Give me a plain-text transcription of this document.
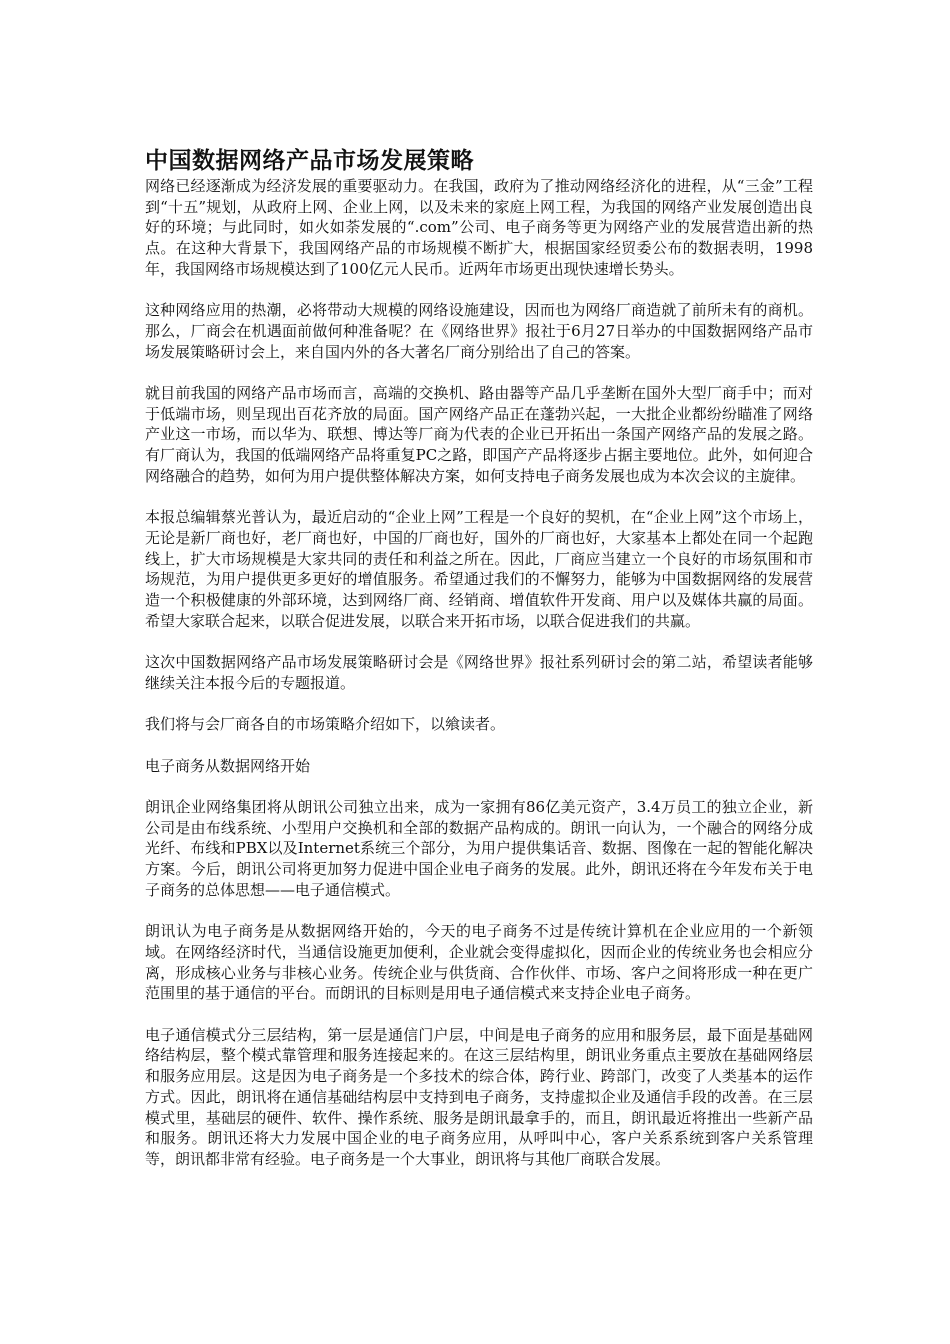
中国数据网络产品市场发展策略

网络已经逐渐成为经济发展的重要驱动力。在我国，政府为了推动网络经济化的进程，从“三金”工程到“十五”规划，从政府上网、企业上网，以及未来的家庭上网工程，为我国的网络产业发展创造出良好的环境；与此同时，如火如荼发展的“.com”公司、电子商务等更为网络产业的发展营造出新的热点。在这种大背景下，我国网络产品的市场规模不断扩大，根据国家经贸委公布的数据表明，1998年，我国网络市场规模达到了100亿元人民币。近两年市场更出现快速增长势头。

这种网络应用的热潮，必将带动大规模的网络设施建设，因而也为网络厂商造就了前所未有的商机。那么，厂商会在机遇面前做何种准备呢？在《网络世界》报社于6月27日举办的中国数据网络产品市场发展策略研讨会上，来自国内外的各大著名厂商分别给出了自己的答案。

就目前我国的网络产品市场而言，高端的交换机、路由器等产品几乎垄断在国外大型厂商手中；而对于低端市场，则呈现出百花齐放的局面。国产网络产品正在蓬勃兴起，一大批企业都纷纷瞄准了网络产业这一市场，而以华为、联想、博达等厂商为代表的企业已开拓出一条国产网络产品的发展之路。有厂商认为，我国的低端网络产品将重复PC之路，即国产产品将逐步占据主要地位。此外，如何迎合网络融合的趋势，如何为用户提供整体解决方案，如何支持电子商务发展也成为本次会议的主旋律。

本报总编辑蔡光普认为，最近启动的“企业上网”工程是一个良好的契机，在“企业上网”这个市场上，无论是新厂商也好，老厂商也好，中国的厂商也好，国外的厂商也好，大家基本上都处在同一个起跑线上，扩大市场规模是大家共同的责任和利益之所在。因此，厂商应当建立一个良好的市场氛围和市场规范，为用户提供更多更好的增值服务。希望通过我们的不懈努力，能够为中国数据网络的发展营造一个积极健康的外部环境，达到网络厂商、经销商、增值软件开发商、用户以及媒体共赢的局面。希望大家联合起来，以联合促进发展，以联合来开拓市场，以联合促进我们的共赢。

这次中国数据网络产品市场发展策略研讨会是《网络世界》报社系列研讨会的第二站，希望读者能够继续关注本报今后的专题报道。

我们将与会厂商各自的市场策略介绍如下，以飨读者。

电子商务从数据网络开始

朗讯企业网络集团将从朗讯公司独立出来，成为一家拥有86亿美元资产，3.4万员工的独立企业，新公司是由布线系统、小型用户交换机和全部的数据产品构成的。朗讯一向认为，一个融合的网络分成光纤、布线和PBX以及Internet系统三个部分，为用户提供集话音、数据、图像在一起的智能化解决方案。今后，朗讯公司将更加努力促进中国企业电子商务的发展。此外，朗讯还将在今年发布关于电子商务的总体思想——电子通信模式。

朗讯认为电子商务是从数据网络开始的，今天的电子商务不过是传统计算机在企业应用的一个新领域。在网络经济时代，当通信设施更加便利，企业就会变得虚拟化，因而企业的传统业务也会相应分离，形成核心业务与非核心业务。传统企业与供货商、合作伙伴、市场、客户之间将形成一种在更广范围里的基于通信的平台。而朗讯的目标则是用电子通信模式来支持企业电子商务。

电子通信模式分三层结构，第一层是通信门户层，中间是电子商务的应用和服务层，最下面是基础网络结构层，整个模式靠管理和服务连接起来的。在这三层结构里，朗讯业务重点主要放在基础网络层和服务应用层。这是因为电子商务是一个多技术的综合体，跨行业、跨部门，改变了人类基本的运作方式。因此，朗讯将在通信基础结构层中支持到电子商务，支持虚拟企业及通信手段的改善。在三层模式里，基础层的硬件、软件、操作系统、服务是朗讯最拿手的，而且，朗讯最近将推出一些新产品和服务。朗讯还将大力发展中国企业的电子商务应用，从呼叫中心，客户关系系统到客户关系管理等，朗讯都非常有经验。电子商务是一个大事业，朗讯将与其他厂商联合发展。
